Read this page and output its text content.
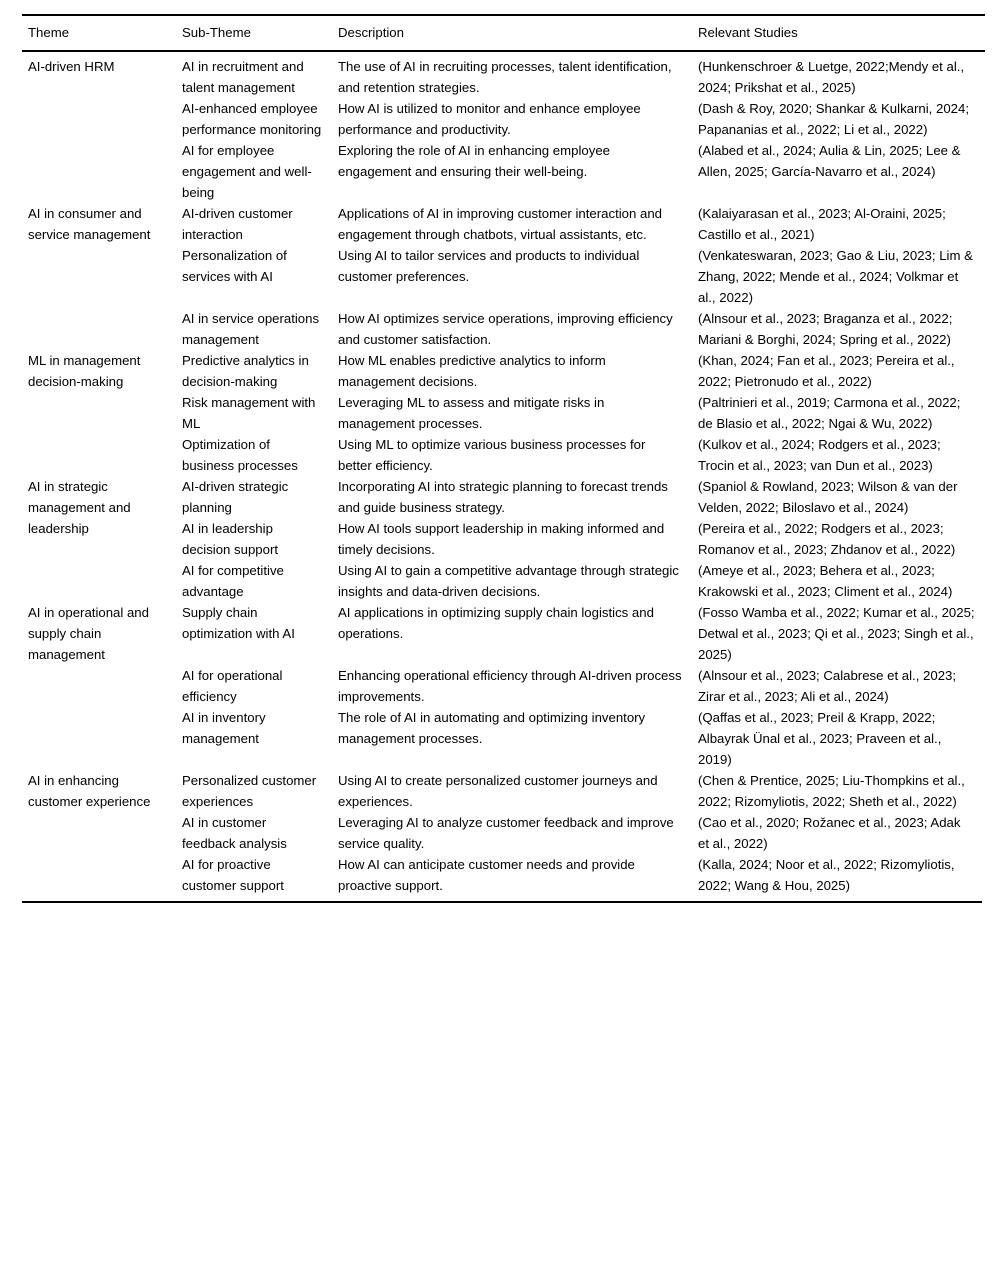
Theme	Sub-Theme	Description	Relevant Studies
AI-driven HRM	AI in recruitment and talent management	The use of AI in recruiting processes, talent identification, and retention strategies.	(Hunkenschroer & Luetge, 2022;Mendy et al., 2024; Prikshat et al., 2025)
	AI-enhanced employee performance monitoring	How AI is utilized to monitor and enhance employee performance and productivity.	(Dash & Roy, 2020; Shankar & Kulkarni, 2024; Papananias et al., 2022; Li et al., 2022)
	AI for employee engagement and well-being	Exploring the role of AI in enhancing employee engagement and ensuring their well-being.	(Alabed et al., 2024; Aulia & Lin, 2025; Lee & Allen, 2025; García-Navarro et al., 2024)
AI in consumer and service management	AI-driven customer interaction	Applications of AI in improving customer interaction and engagement through chatbots, virtual assistants, etc.	(Kalaiyarasan et al., 2023; Al-Oraini, 2025; Castillo et al., 2021)
	Personalization of services with AI	Using AI to tailor services and products to individual customer preferences.	(Venkateswaran, 2023; Gao & Liu, 2023; Lim & Zhang, 2022; Mende et al., 2024; Volkmar et al., 2022)
	AI in service operations management	How AI optimizes service operations, improving efficiency and customer satisfaction.	(Alnsour et al., 2023; Braganza et al., 2022; Mariani & Borghi, 2024; Spring et al., 2022)
ML in management decision-making	Predictive analytics in decision-making	How ML enables predictive analytics to inform management decisions.	(Khan, 2024; Fan et al., 2023; Pereira et al., 2022; Pietronudo et al., 2022)
	Risk management with ML	Leveraging ML to assess and mitigate risks in management processes.	(Paltrinieri et al., 2019; Carmona et al., 2022; de Blasio et al., 2022; Ngai & Wu, 2022)
	Optimization of business processes	Using ML to optimize various business processes for better efficiency.	(Kulkov et al., 2024; Rodgers et al., 2023; Trocin et al., 2023; van Dun et al., 2023)
AI in strategic management and leadership	AI-driven strategic planning	Incorporating AI into strategic planning to forecast trends and guide business strategy.	(Spaniol & Rowland, 2023; Wilson & van der Velden, 2022; Biloslavo et al., 2024)
	AI in leadership decision support	How AI tools support leadership in making informed and timely decisions.	(Pereira et al., 2022; Rodgers et al., 2023; Romanov et al., 2023; Zhdanov et al., 2022)
	AI for competitive advantage	Using AI to gain a competitive advantage through strategic insights and data-driven decisions.	(Ameye et al., 2023; Behera et al., 2023; Krakowski et al., 2023; Climent et al., 2024)
AI in operational and supply chain management	Supply chain optimization with AI	AI applications in optimizing supply chain logistics and operations.	(Fosso Wamba et al., 2022; Kumar et al., 2025; Detwal et al., 2023; Qi et al., 2023; Singh et al., 2025)
	AI for operational efficiency	Enhancing operational efficiency through AI-driven process improvements.	(Alnsour et al., 2023; Calabrese et al., 2023; Zirar et al., 2023; Ali et al., 2024)
	AI in inventory management	The role of AI in automating and optimizing inventory management processes.	(Qaffas et al., 2023; Preil & Krapp, 2022; Albayrak Ünal et al., 2023; Praveen et al., 2019)
AI in enhancing customer experience	Personalized customer experiences	Using AI to create personalized customer journeys and experiences.	(Chen & Prentice, 2025; Liu-Thompkins et al., 2022; Rizomyliotis, 2022; Sheth et al., 2022)
	AI in customer feedback analysis	Leveraging AI to analyze customer feedback and improve service quality.	(Cao et al., 2020; Rožanec et al., 2023; Adak et al., 2022)
	AI for proactive customer support	How AI can anticipate customer needs and provide proactive support.	(Kalla, 2024; Noor et al., 2022; Rizomyliotis, 2022; Wang & Hou, 2025)
